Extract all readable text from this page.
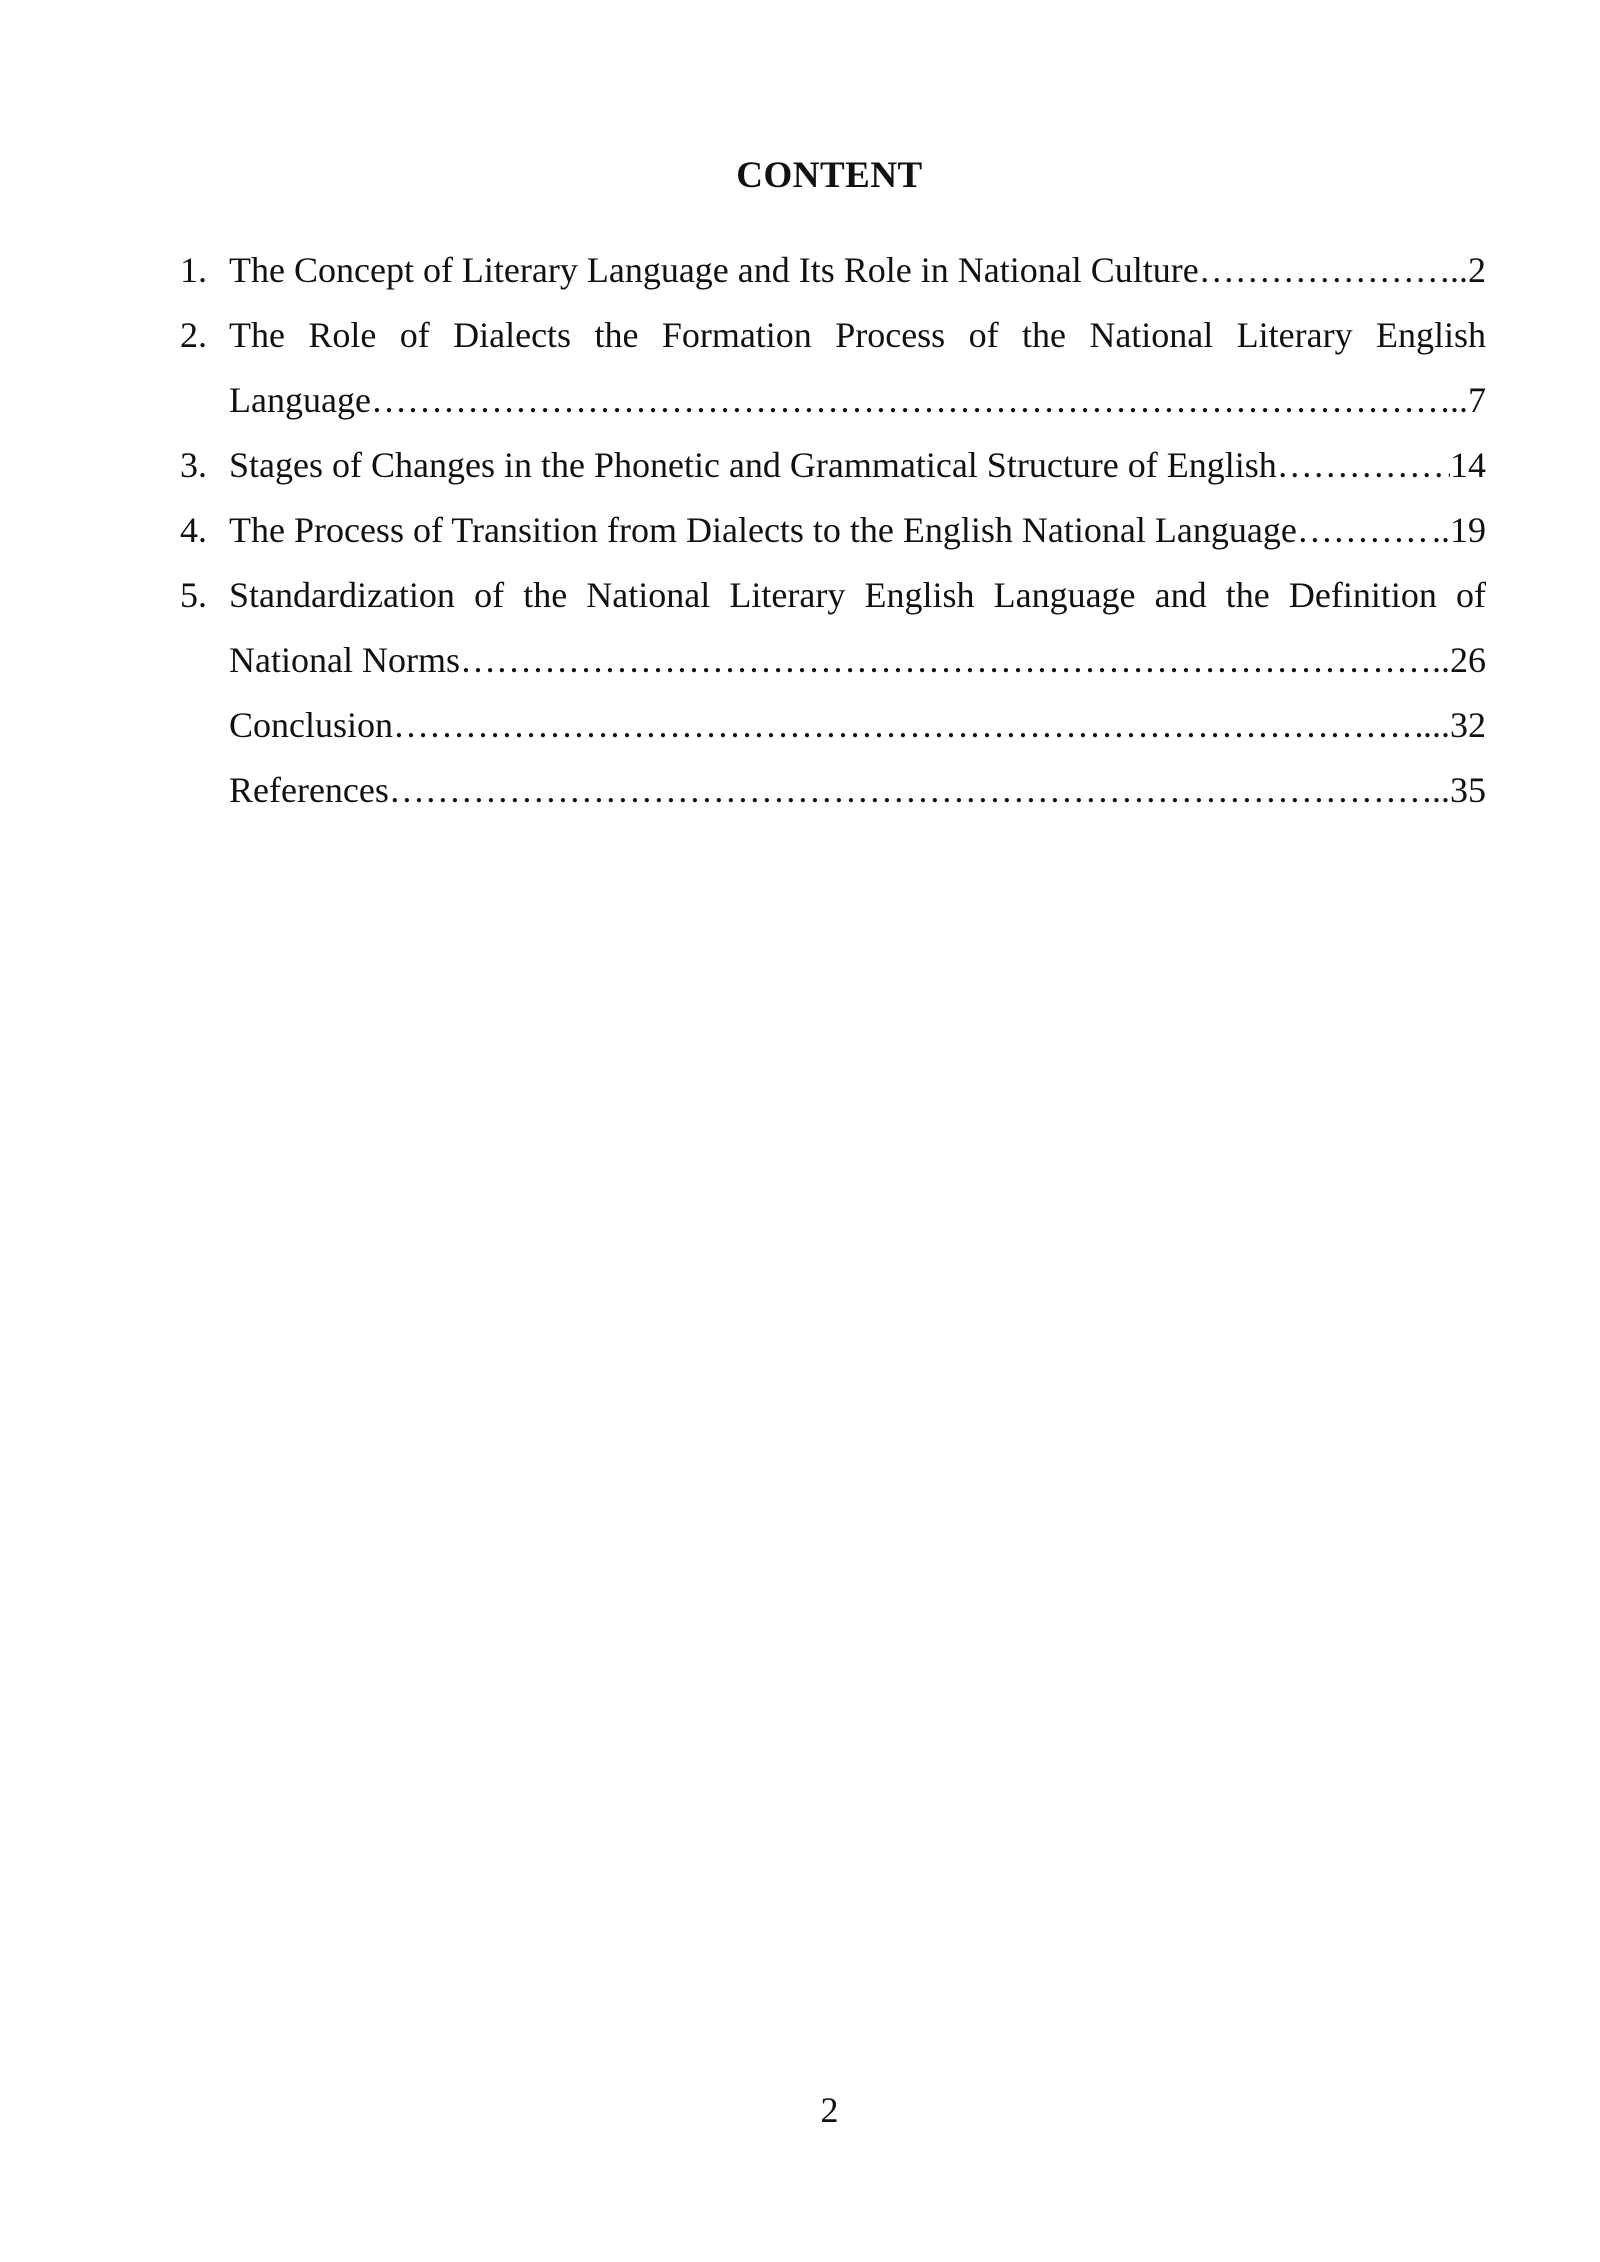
CONTENT
1. The Concept of Literary Language and Its Role in National Culture ……………………………………………………………………………………………………………………………………………………	.. 2
2. The Role of Dialects the Formation Process of the National Literary English
Language ……………………………………………………………………………………………………………………………………………………	.. 7
3. Stages of Changes in the Phonetic and Grammatical Structure of English ……………………………………………………………………………………………………………………………………………………	14
4. The Process of Transition from Dialects to the English National Language ……………………………………………………………………………………………………………………………………………………	.. 19
5. Standardization of the National Literary English Language and the Definition of
National Norms ……………………………………………………………………………………………………………………………………………………	.. 26
Conclusion ……………………………………………………………………………………………………………………………………………………	... 32
References ……………………………………………………………………………………………………………………………………………………	.. 35
2
